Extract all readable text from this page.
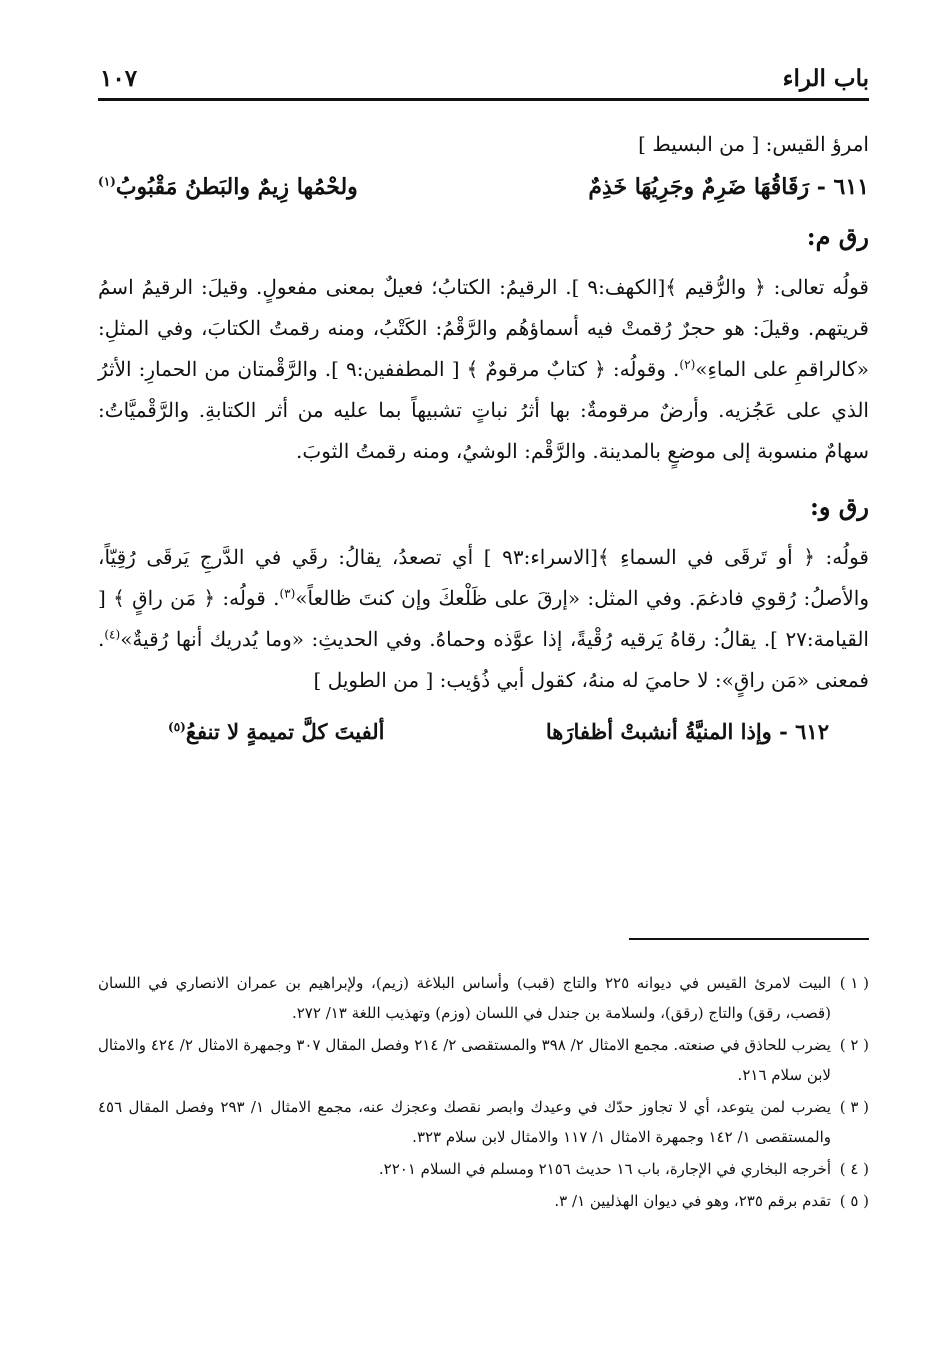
باب الراء
١٠٧

امرؤ القيس: [ من البسيط ]

٦١١ - رَقَاقُهَا ضَرِمٌ وجَرِيُهَا خَذِمٌ
ولحْمُها زِيمٌ والبَطنُ مَقْبُوبُ$^{(١)}$
رق م:

قولُه تعالى: ﴿ والرُّقيم ﴾[الكهف:٩ ]. الرقيمُ: الكتابُ؛ فعيلٌ بمعنى مفعولٍ. وقيلَ: الرقيمُ اسمُ قريتهم. وقيلَ: هو حجرٌ رُقمتْ فيه أسماؤهُم والرَّقْمُ: الكَتْبُ، ومنه رقمتُ الكتابَ، وفي المثلِ: «كالراقمِ على الماءِ»$^{(٢)}$. وقولُه: ﴿ كتابٌ مرقومٌ ﴾ [ المطففين:٩ ]. والرَّقْمتان من الحمارِ: الأثرُ الذي على عَجُزيه. وأرضٌ مرقومةٌ: بها أثرُ نباتٍ تشبيهاً بما عليه من أثر الكتابةِ. والرَّقْميَّاتُ: سهامٌ منسوبة إلى موضعٍ بالمدينة. والرَّقْم: الوشيُ، ومنه رقمتُ الثوبَ.

رق و:

قولُه: ﴿ أو تَرقَى في السماءِ ﴾[الاسراء:٩٣ ] أي تصعدُ، يقالُ: رقَي في الدَّرجِ يَرقَى رُقِيّاً، والأصلُ: رُقوي فادغمَ. وفي المثل: «إرقَ على ظَلْعكَ وإن كنتَ ظالعاً»$^{(٣)}$. قولُه: ﴿ مَن راقٍ ﴾ [ القيامة:٢٧ ]. يقالُ: رقاهُ يَرقيه رُقْيةً، إذا عوَّذه وحماهُ. وفي الحديثِ: «وما يُدريك أنها رُقيةٌ»$^{(٤)}$. فمعنى «مَن راقٍ»: لا حاميَ له منهُ، كقول أبي ذُؤيب: [ من الطويل ]

٦١٢ - وإذا المنيَّةُ أنشبتْ أظفارَها
ألفيتَ كلَّ تميمةٍ لا تنفعُ$^{(٥)}$
( ١ )
البيت لامرئ القيس في ديوانه ٢٢٥ والتاج (قبب) وأساس البلاغة (زيم)، ولإبراهيم بن عمران الانصاري في اللسان (قصب، رقق) والتاج (رقق)، ولسلامة بن جندل في اللسان (وزم) وتهذيب اللغة ١٣/ ٢٧٢.
( ٢ )
يضرب للحاذق في صنعته. مجمع الامثال ٢/ ٣٩٨ والمستقصى ٢/ ٢١٤ وفصل المقال ٣٠٧ وجمهرة الامثال ٢/ ٤٢٤ والامثال لابن سلام ٢١٦.
( ٣ )
يضرب لمن يتوعد، أي لا تجاوز حدّك في وعيدك وابصر نقصك وعجزك عنه، مجمع الامثال ١/ ٢٩٣ وفصل المقال ٤٥٦ والمستقصى ١/ ١٤٢ وجمهرة الامثال ١/ ١١٧ والامثال لابن سلام ٣٢٣.
( ٤ )
أخرجه البخاري في الإجارة، باب ١٦ حديث ٢١٥٦ ومسلم في السلام ٢٢٠١.
( ٥ )
تقدم برقم ٢٣٥، وهو في ديوان الهذليين ١/ ٣.
